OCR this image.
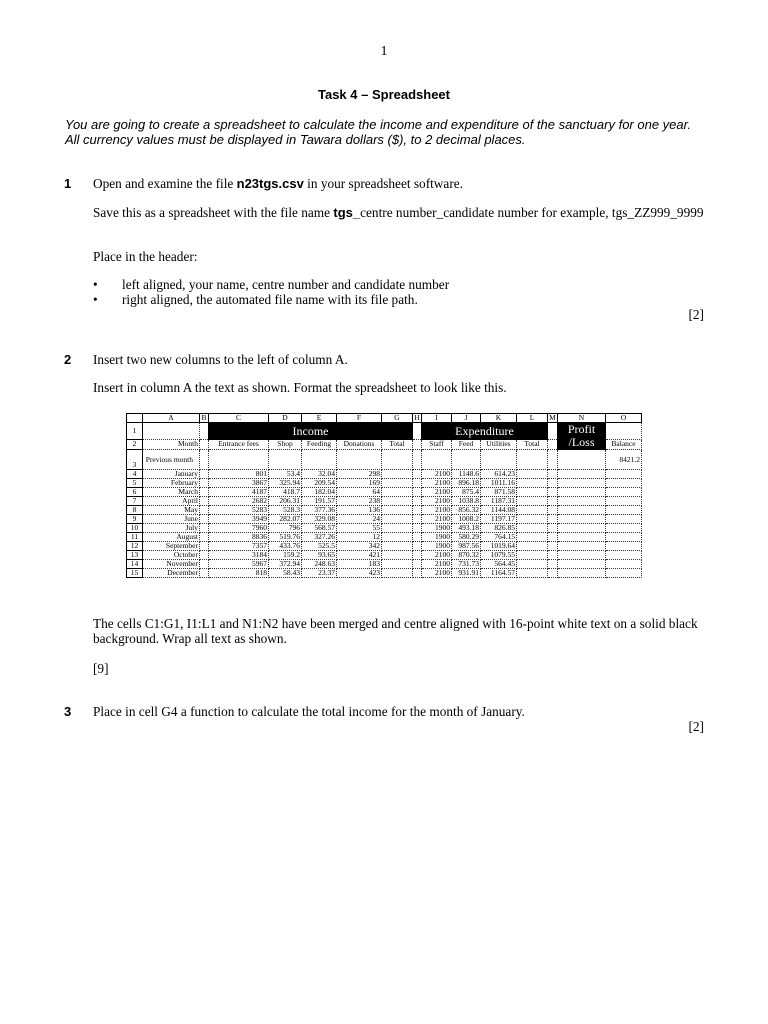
1
Task 4 – Spreadsheet
You are going to create a spreadsheet to calculate the income and expenditure of the sanctuary for one year. All currency values must be displayed in Tawara dollars ($), to 2 decimal places.
1 Open and examine the file n23tgs.csv in your spreadsheet software.
Save this as a spreadsheet with the file name tgs_centre number_candidate number for example, tgs_ZZ999_9999
Place in the header:
• left aligned, your name, centre number and candidate number
• right aligned, the automated file name with its file path.
[2]
2 Insert two new columns to the left of column A.
Insert in column A the text as shown. Format the spreadsheet to look like this.
	A	B	C	D	E	F	G	H	I	J	K	L	M	N	O
1			Income						Expenditure					Profit /Loss	
2	Month		Entrance fees	Shop	Feeding	Donations	Total		Staff	Feed	Utilities	Total			Balance
3	Previous month														8421.2
4	January		801	53.4	32.04	298			2100	1148.6	614.23				
5	February		3867	325.94	209.54	169			2100	896.18	1011.16				
6	March		4187	418.7	182.04	64			2100	875.4	871.58				
7	April		2682	206.31	191.57	238			2100	1038.8	1187.31				
8	May		5283	528.3	377.36	136			2100	856.32	1144.08				
9	June		3949	282.07	329.08	24			2100	1008.2	1197.17				
10	July		7960	796	568.57	55			1900	493.18	826.85				
11	August		8836	519.76	327.26	12			1900	580.29	764.15				
12	September		7357	433.76	525.5	342			1900	987.56	1019.64				
13	October		3184	159.2	93.65	421			2100	870.32	1079.55				
14	November		5967	372.94	248.63	183			2100	731.73	564.45				
15	December		818	58.43	23.37	423			2100	931.91	1164.57				
The cells C1:G1, I1:L1 and N1:N2 have been merged and centre aligned with 16-point white text on a solid black background. Wrap all text as shown.
[9]
3 Place in cell G4 a function to calculate the total income for the month of January.
[2]
